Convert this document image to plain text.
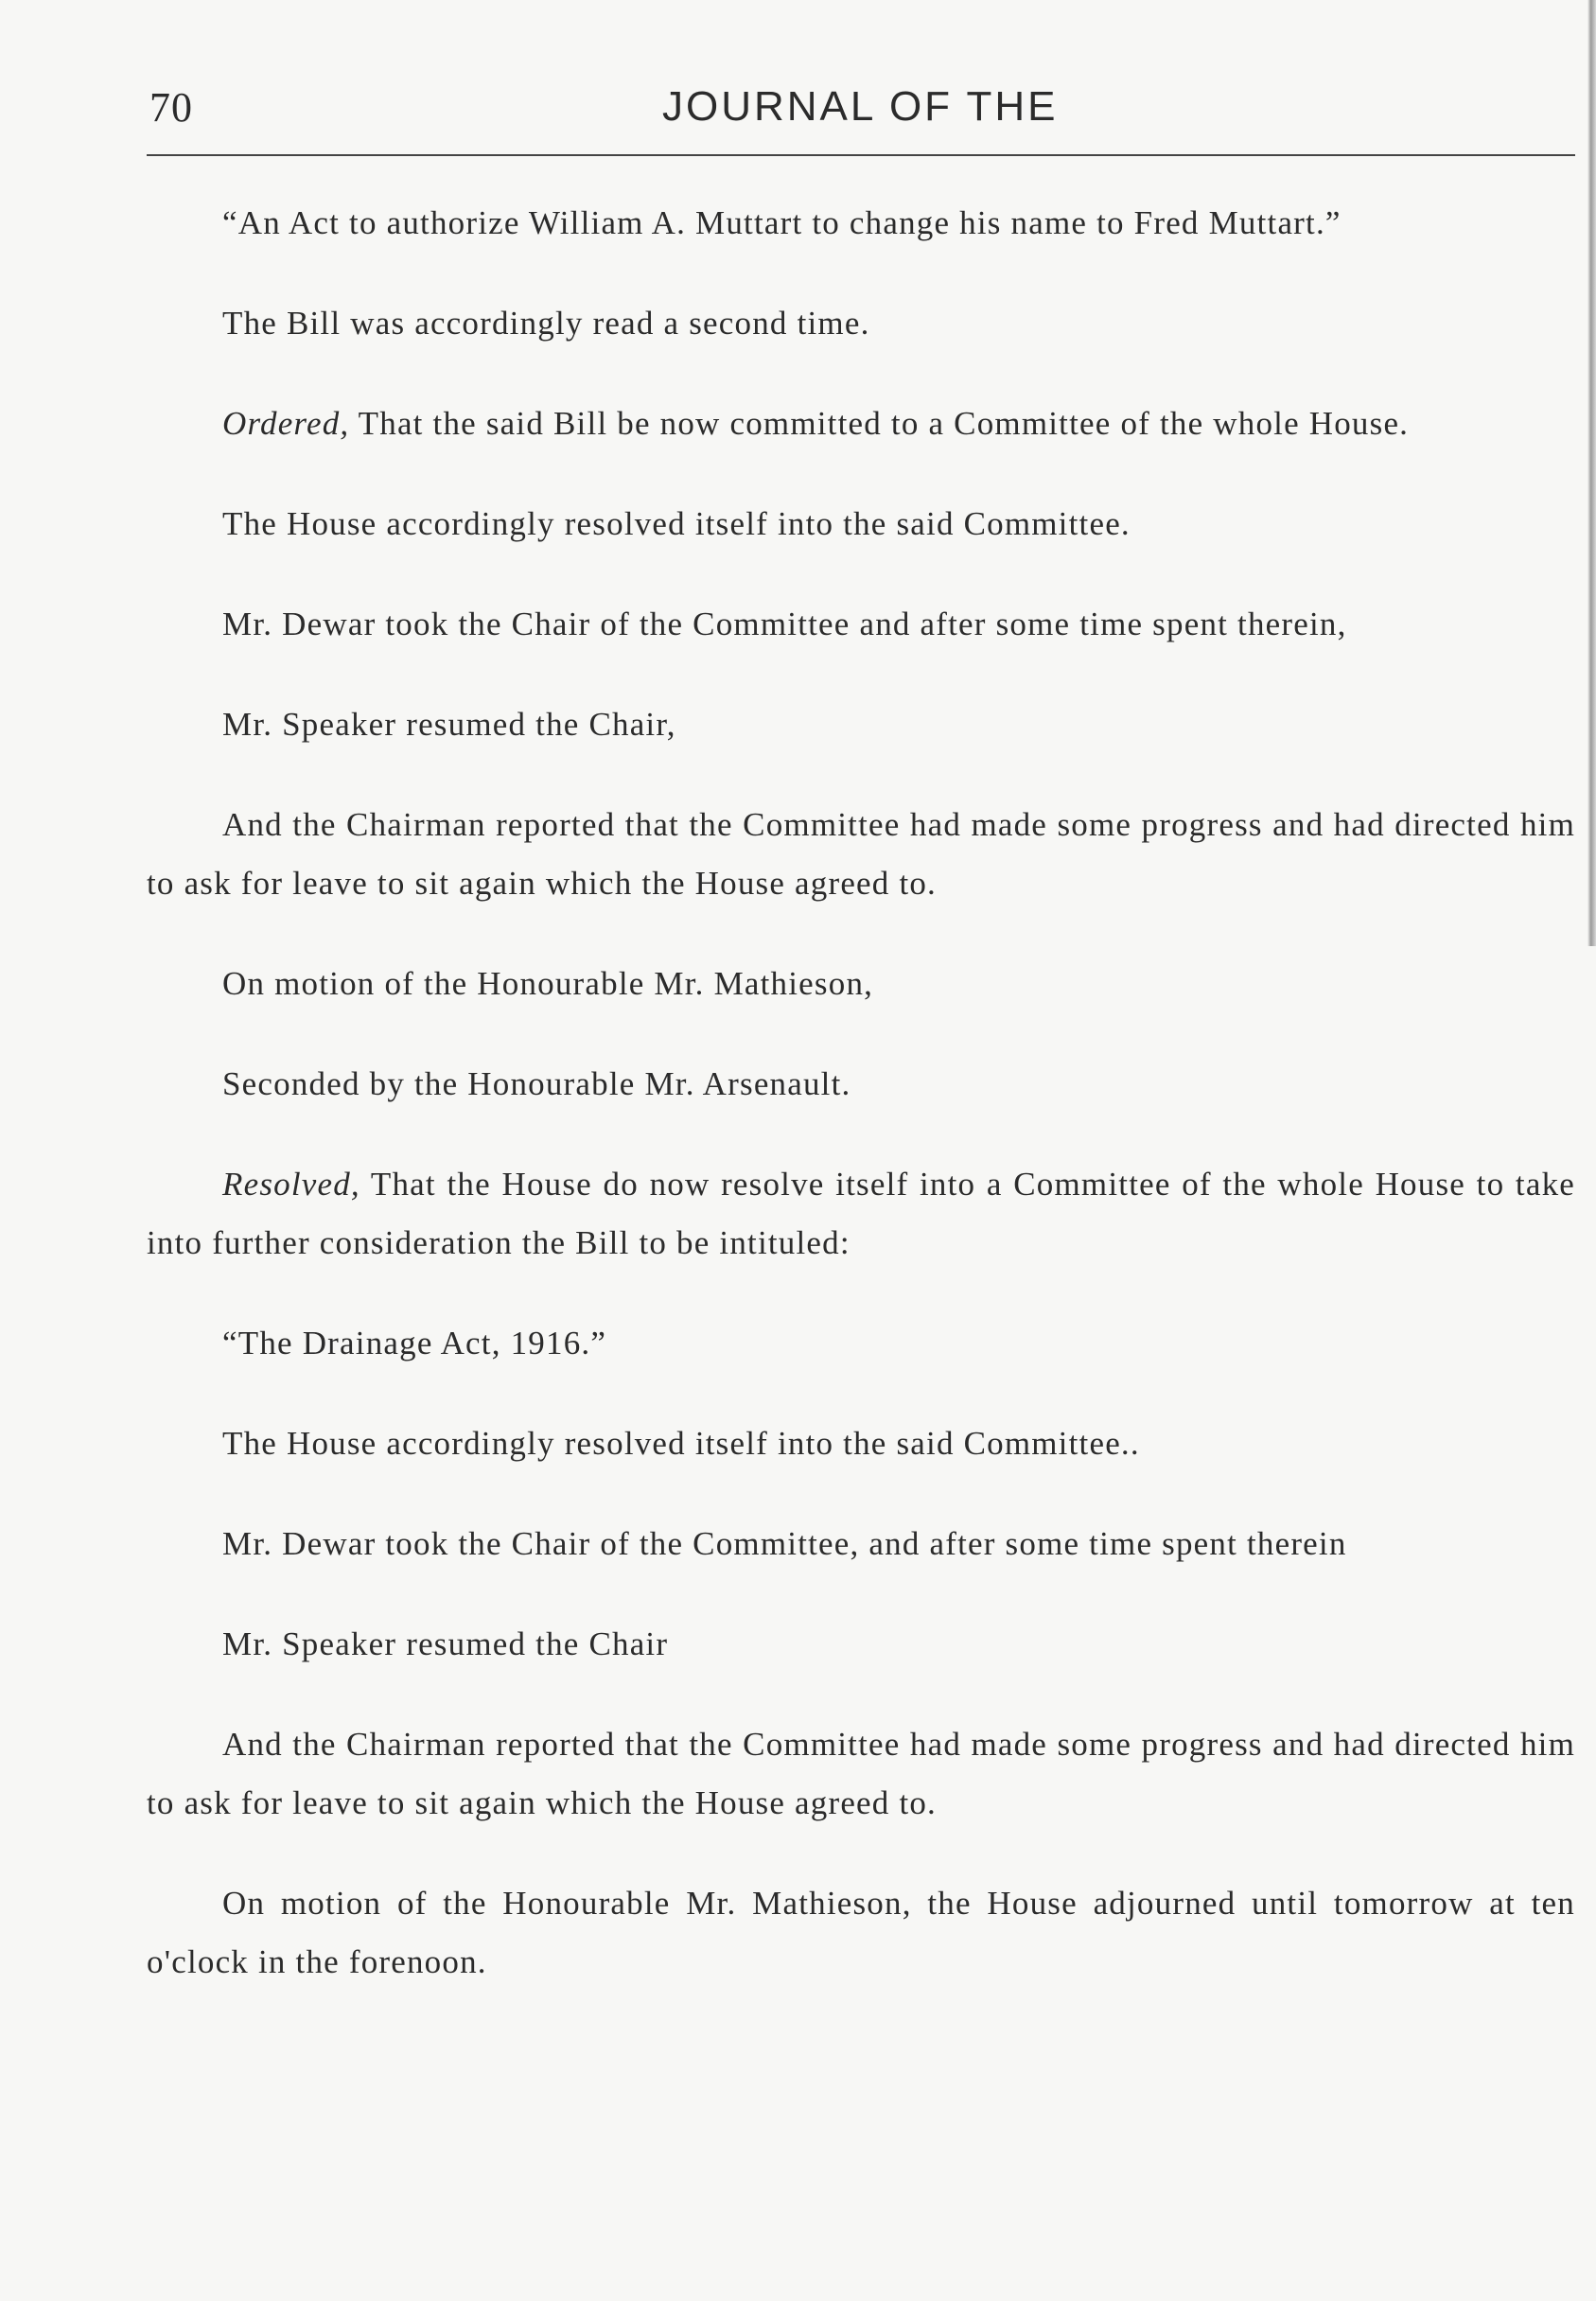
70	JOURNAL OF THE

“An Act to authorize William A. Muttart to change his name to Fred Muttart.”

The Bill was accordingly read a second time.

Ordered, That the said Bill be now committed to a Committee of the whole House.

The House accordingly resolved itself into the said Committee.

Mr. Dewar took the Chair of the Committee and after some time spent therein,

Mr. Speaker resumed the Chair,

And the Chairman reported that the Committee had made some progress and had directed him to ask for leave to sit again which the House agreed to.

On motion of the Honourable Mr. Mathieson,

Seconded by the Honourable Mr. Arsenault.

Resolved, That the House do now resolve itself into a Committee of the whole House to take into further consideration the Bill to be intituled:

“The Drainage Act, 1916.”

The House accordingly resolved itself into the said Committee..

Mr. Dewar took the Chair of the Committee, and after some time spent therein

Mr. Speaker resumed the Chair

And the Chairman reported that the Committee had made some progress and had directed him to ask for leave to sit again which the House agreed to.

On motion of the Honourable Mr. Mathieson, the House adjourned until tomorrow at ten o'clock in the forenoon.
